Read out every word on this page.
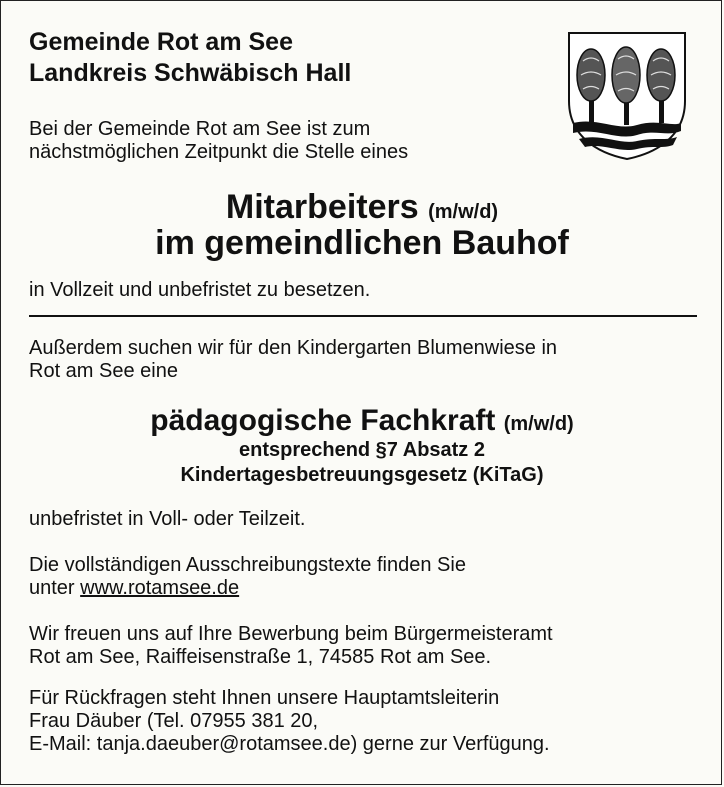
Gemeinde Rot am See
Landkreis Schwäbisch Hall
Bei der Gemeinde Rot am See ist zum
nächstmöglichen Zeitpunkt die Stelle eines
Mitarbeiters (m/w/d)
im gemeindlichen Bauhof
in Vollzeit und unbefristet zu besetzen.
Außerdem suchen wir für den Kindergarten Blumenwiese in
Rot am See eine
pädagogische Fachkraft (m/w/d)
entsprechend §7 Absatz 2
Kindertagesbetreuungsgesetz (KiTaG)
unbefristet in Voll- oder Teilzeit.
Die vollständigen Ausschreibungstexte finden Sie
unter www.rotamsee.de
Wir freuen uns auf Ihre Bewerbung beim Bürgermeisteramt
Rot am See, Raiffeisenstraße 1, 74585 Rot am See.
Für Rückfragen steht Ihnen unsere Hauptamtsleiterin
Frau Däuber (Tel. 07955 381 20,
E-Mail: tanja.daeuber@rotamsee.de) gerne zur Verfügung.
